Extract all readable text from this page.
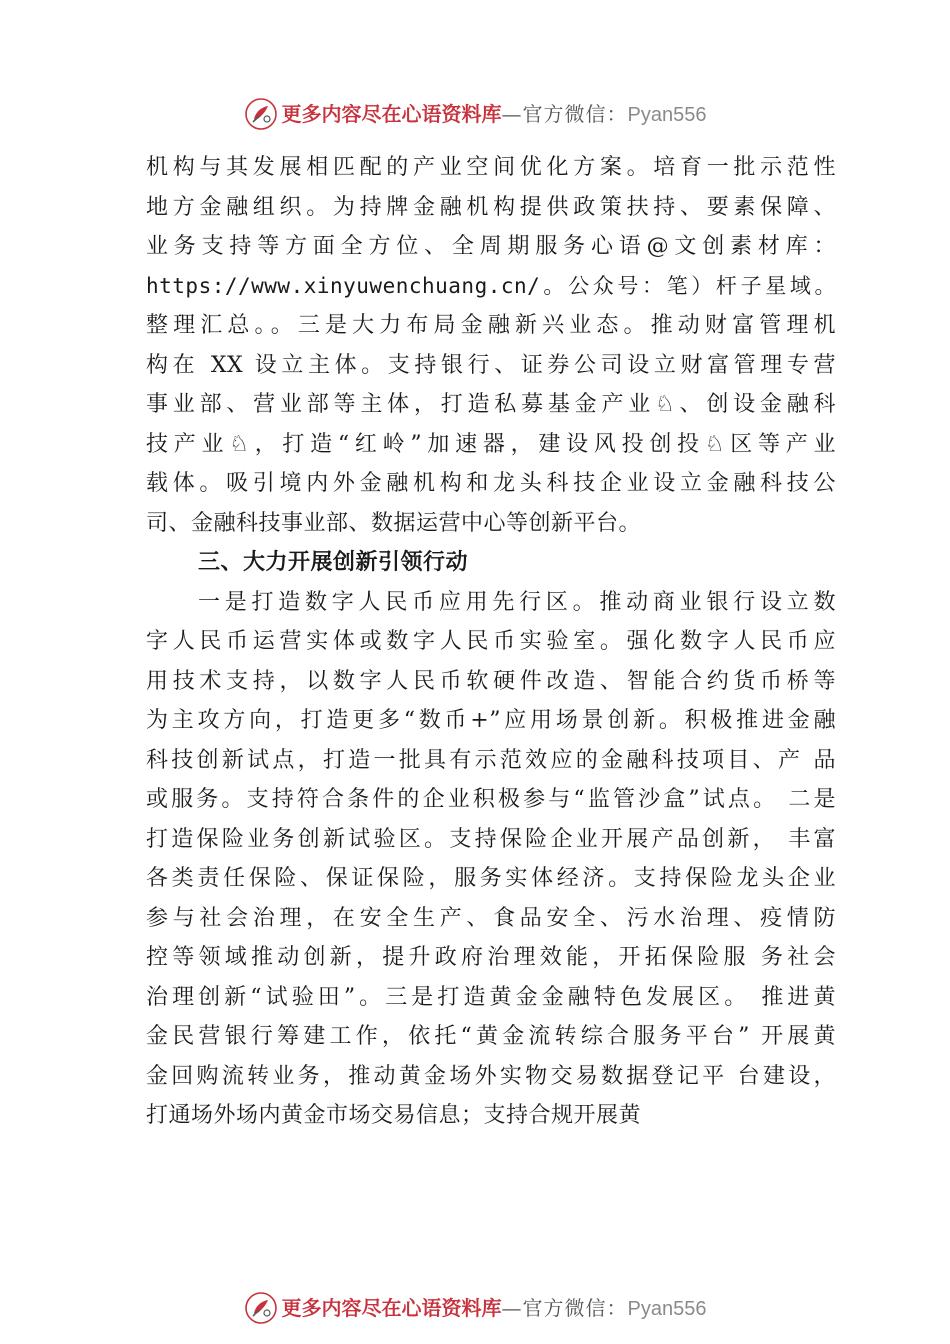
更多内容尽在心语资料库—官方微信：Pyan556
机构与其发展相匹配的产业空间优化方案。培育一批示范性
地方金融组织。为持牌金融机构提供政策扶持、要素保障、
业务支持等方面全方位、全周期服务心语@文创素材库：
https://www.xinyuwenchuang.cn/。公众号：笔）杆子星域。
整理汇总。。三是大力布局金融新兴业态。推动财富管理机
构在 XX 设立主体。支持银行、证券公司设立财富管理专营
事业部、营业部等主体，打造私募基金产业♘、创设金融科
技产业♘，打造“红岭”加速器，建设风投创投♘区等产业
载体。吸引境内外金融机构和龙头科技企业设立金融科技公
司、金融科技事业部、数据运营中心等创新平台。
三、大力开展创新引领行动
一是打造数字人民币应用先行区。推动商业银行设立数
字人民币运营实体或数字人民币实验室。强化数字人民币应
用技术支持，以数字人民币软硬件改造、智能合约货币桥等
为主攻方向，打造更多“数币+”应用场景创新。积极推进金融
科技创新试点，打造一批具有示范效应的金融科技项目、产 品
或服务。支持符合条件的企业积极参与“监管沙盒”试点。 二是
打造保险业务创新试验区。支持保险企业开展产品创新， 丰富
各类责任保险、保证保险，服务实体经济。支持保险龙头企业
参与社会治理，在安全生产、食品安全、污水治理、疫情防
控等领域推动创新，提升政府治理效能，开拓保险服 务社会
治理创新“试验田”。三是打造黄金金融特色发展区。 推进黄
金民营银行筹建工作，依托“黄金流转综合服务平台” 开展黄
金回购流转业务，推动黄金场外实物交易数据登记平 台建设，
打通场外场内黄金市场交易信息；支持合规开展黄
更多内容尽在心语资料库—官方微信：Pyan556
